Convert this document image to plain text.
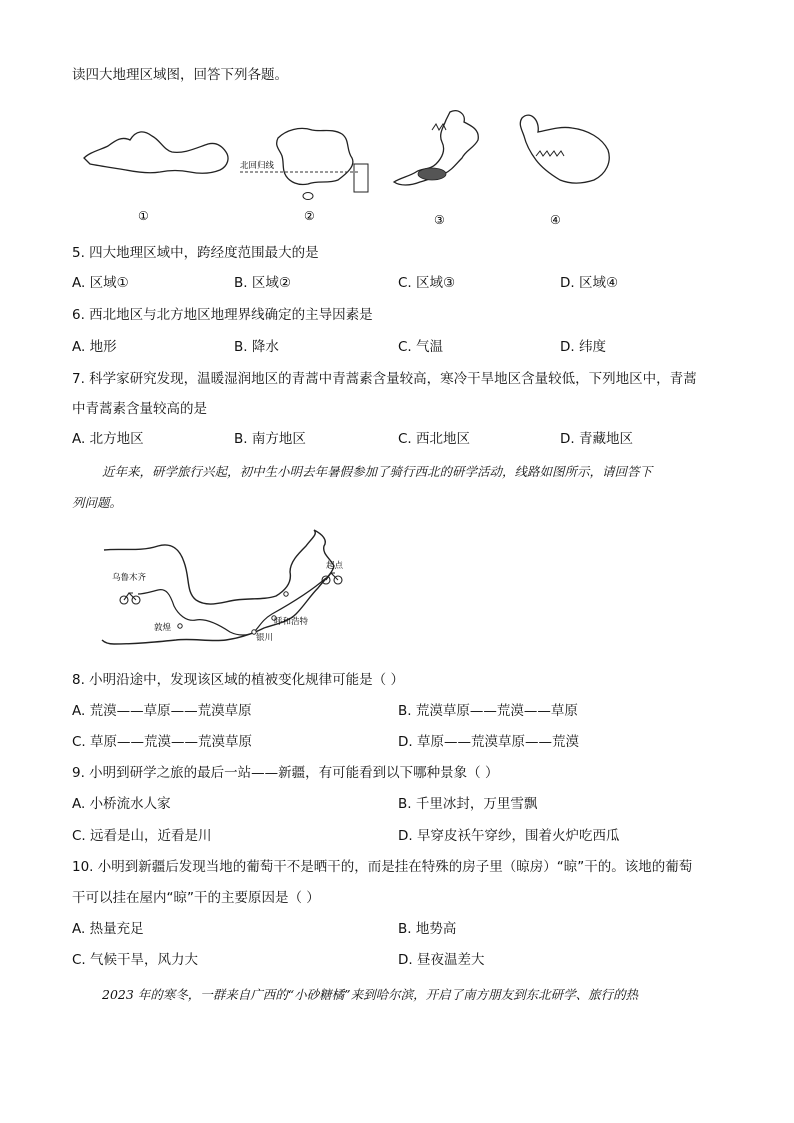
读四大地理区域图，回答下列各题。
北回归线
①	②	③	④
5. 四大地理区域中，跨经度范围最大的是
A. 区域①	B. 区域②	C. 区域③	D. 区域④
6. 西北地区与北方地区地理界线确定的主导因素是
A. 地形	B. 降水	C. 气温	D. 纬度
7. 科学家研究发现，温暖湿润地区的青蒿中青蒿素含量较高，寒冷干旱地区含量较低，下列地区中，青蒿
中青蒿素含量较高的是
A. 北方地区	B. 南方地区	C. 西北地区	D. 青藏地区
近年来，研学旅行兴起，初中生小明去年暑假参加了骑行西北的研学活动，线路如图所示，请回答下
列问题。
乌鲁木齐
起点
敦煌
银川
呼和浩特
8. 小明沿途中，发现该区域的植被变化规律可能是（ ）
A. 荒漠——草原——荒漠草原	B. 荒漠草原——荒漠——草原
C. 草原——荒漠——荒漠草原	D. 草原——荒漠草原——荒漠
9. 小明到研学之旅的最后一站——新疆，有可能看到以下哪种景象（ ）
A. 小桥流水人家	B. 千里冰封，万里雪飘
C. 远看是山，近看是川	D. 早穿皮袄午穿纱，围着火炉吃西瓜
10. 小明到新疆后发现当地的葡萄干不是晒干的，而是挂在特殊的房子里（晾房）“晾”干的。该地的葡萄
干可以挂在屋内“晾”干的主要原因是（ ）
A. 热量充足	B. 地势高
C. 气候干旱，风力大	D. 昼夜温差大
2023 年的寒冬，一群来自广西的“小砂糖橘”来到哈尔滨，开启了南方朋友到东北研学、旅行的热
